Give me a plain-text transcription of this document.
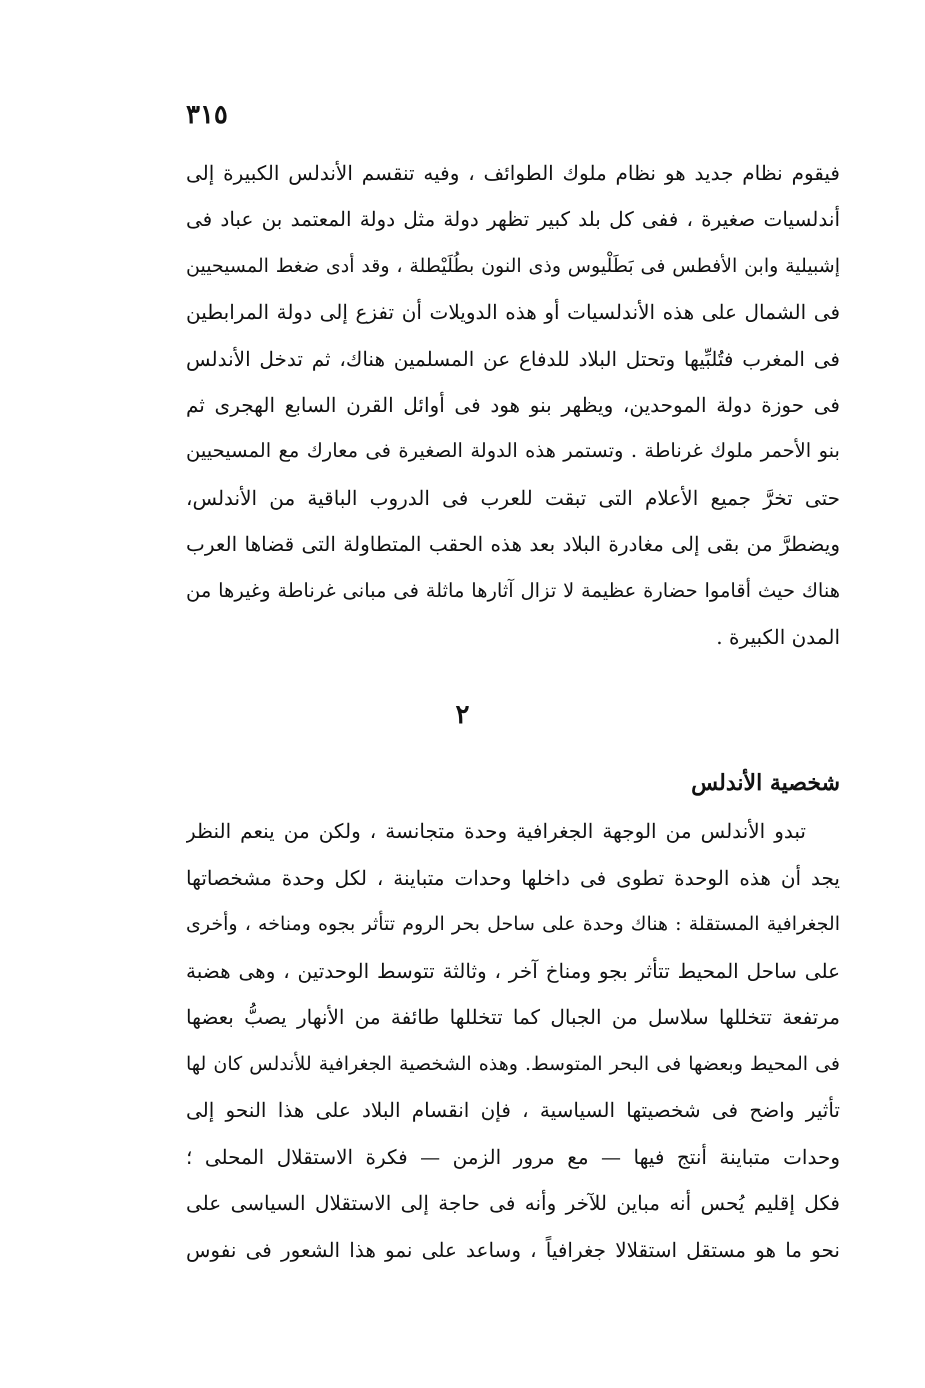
٣١٥
فيقوم نظام جديد هو نظام ملوك الطوائف ، وفيه تنقسم الأندلس الكبيرة إلى
أندلسيات صغيرة ، ففى كل بلد كبير تظهر دولة مثل دولة المعتمد بن عباد فى
إشبيلية وابن الأفطس فى بَطَلْيوس وذى النون بطُلَيْطلة ، وقد أدى ضغط المسيحيين
فى الشمال على هذه الأندلسيات أو هذه الدويلات أن تفزع إلى دولة المرابطين
فى المغرب فتُلبِّيها وتحتل البلاد للدفاع عن المسلمين هناك، ثم تدخل الأندلس
فى حوزة دولة الموحدين، ويظهر بنو هود فى أوائل القرن السابع الهجرى ثم
بنو الأحمر ملوك غرناطة . وتستمر هذه الدولة الصغيرة فى معارك مع المسيحيين
حتى تخرَّ جميع الأعلام التى تبقت للعرب فى الدروب الباقية من الأندلس،
ويضطرَّ من بقى إلى مغادرة البلاد بعد هذه الحقب المتطاولة التى قضاها العرب
هناك حيث أقاموا حضارة عظيمة لا تزال آثارها ماثلة فى مبانى غرناطة وغيرها من
المدن الكبيرة .
٢
شخصية الأندلس
تبدو الأندلس من الوجهة الجغرافية وحدة متجانسة ، ولكن من ينعم النظر
يجد أن هذه الوحدة تطوى فى داخلها وحدات متباينة ، لكل وحدة مشخصاتها
الجغرافية المستقلة : هناك وحدة على ساحل بحر الروم تتأثر بجوه ومناخه ، وأخرى
على ساحل المحيط تتأثر بجو ومناخ آخر ، وثالثة تتوسط الوحدتين ، وهى هضبة
مرتفعة تتخللها سلاسل من الجبال كما تتخللها طائفة من الأنهار يصبُّ بعضها
فى المحيط وبعضها فى البحر المتوسط. وهذه الشخصية الجغرافية للأندلس كان لها
تأثير واضح فى شخصيتها السياسية ، فإن انقسام البلاد على هذا النحو إلى
وحدات متباينة أنتج فيها — مع مرور الزمن — فكرة الاستقلال المحلى ؛
فكل إقليم يُحس أنه مباين للآخر وأنه فى حاجة إلى الاستقلال السياسى على
نحو ما هو مستقل استقلالا جغرافياً ، وساعد على نمو هذا الشعور فى نفوس
